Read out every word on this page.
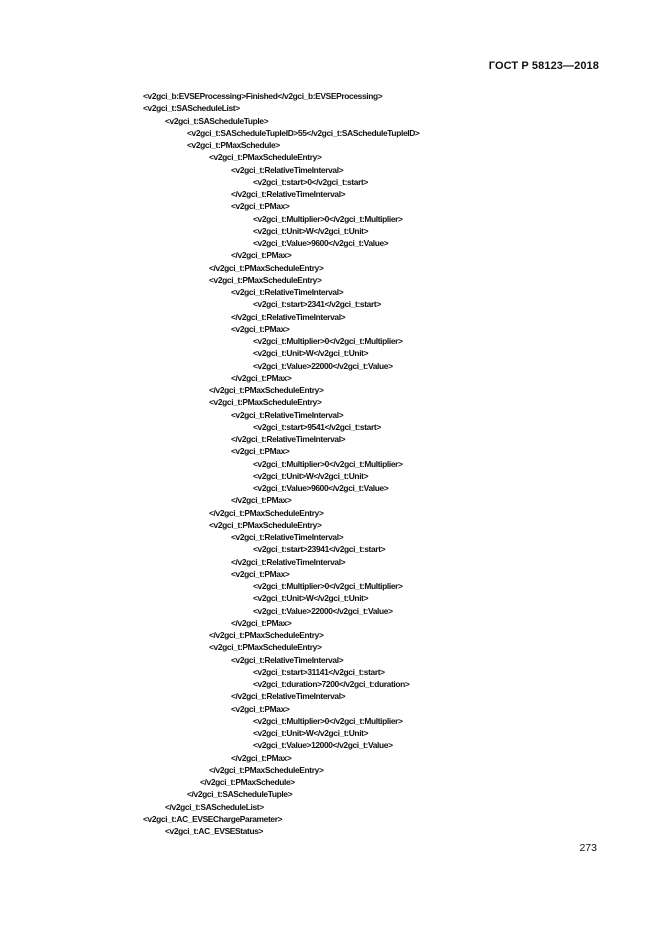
ГОСТ Р 58123—2018
<v2gci_b:EVSEProcessing>Finished</v2gci_b:EVSEProcessing>
<v2gci_t:SAScheduleList>
<v2gci_t:SAScheduleTuple>
<v2gci_t:SAScheduleTupleID>55</v2gci_t:SAScheduleTupleID>
<v2gci_t:PMaxSchedule>
<v2gci_t:PMaxScheduleEntry>
<v2gci_t:RelativeTimeInterval>
<v2gci_t:start>0</v2gci_t:start>
</v2gci_t:RelativeTimeInterval>
<v2gci_t:PMax>
<v2gci_t:Multiplier>0</v2gci_t:Multiplier>
<v2gci_t:Unit>W</v2gci_t:Unit>
<v2gci_t:Value>9600</v2gci_t:Value>
</v2gci_t:PMax>
</v2gci_t:PMaxScheduleEntry>
<v2gci_t:PMaxScheduleEntry>
<v2gci_t:RelativeTimeInterval>
<v2gci_t:start>2341</v2gci_t:start>
</v2gci_t:RelativeTimeInterval>
<v2gci_t:PMax>
<v2gci_t:Multiplier>0</v2gci_t:Multiplier>
<v2gci_t:Unit>W</v2gci_t:Unit>
<v2gci_t:Value>22000</v2gci_t:Value>
</v2gci_t:PMax>
</v2gci_t:PMaxScheduleEntry>
<v2gci_t:PMaxScheduleEntry>
<v2gci_t:RelativeTimeInterval>
<v2gci_t:start>9541</v2gci_t:start>
</v2gci_t:RelativeTimeInterval>
<v2gci_t:PMax>
<v2gci_t:Multiplier>0</v2gci_t:Multiplier>
<v2gci_t:Unit>W</v2gci_t:Unit>
<v2gci_t:Value>9600</v2gci_t:Value>
</v2gci_t:PMax>
</v2gci_t:PMaxScheduleEntry>
<v2gci_t:PMaxScheduleEntry>
<v2gci_t:RelativeTimeInterval>
<v2gci_t:start>23941</v2gci_t:start>
</v2gci_t:RelativeTimeInterval>
<v2gci_t:PMax>
<v2gci_t:Multiplier>0</v2gci_t:Multiplier>
<v2gci_t:Unit>W</v2gci_t:Unit>
<v2gci_t:Value>22000</v2gci_t:Value>
</v2gci_t:PMax>
</v2gci_t:PMaxScheduleEntry>
<v2gci_t:PMaxScheduleEntry>
<v2gci_t:RelativeTimeInterval>
<v2gci_t:start>31141</v2gci_t:start>
<v2gci_t:duration>7200</v2gci_t:duration>
</v2gci_t:RelativeTimeInterval>
<v2gci_t:PMax>
<v2gci_t:Multiplier>0</v2gci_t:Multiplier>
<v2gci_t:Unit>W</v2gci_t:Unit>
<v2gci_t:Value>12000</v2gci_t:Value>
</v2gci_t:PMax>
</v2gci_t:PMaxScheduleEntry>
</v2gci_t:PMaxSchedule>
</v2gci_t:SAScheduleTuple>
</v2gci_t:SAScheduleList>
<v2gci_t:AC_EVSEChargeParameter>
<v2gci_t:AC_EVSEStatus>
273
